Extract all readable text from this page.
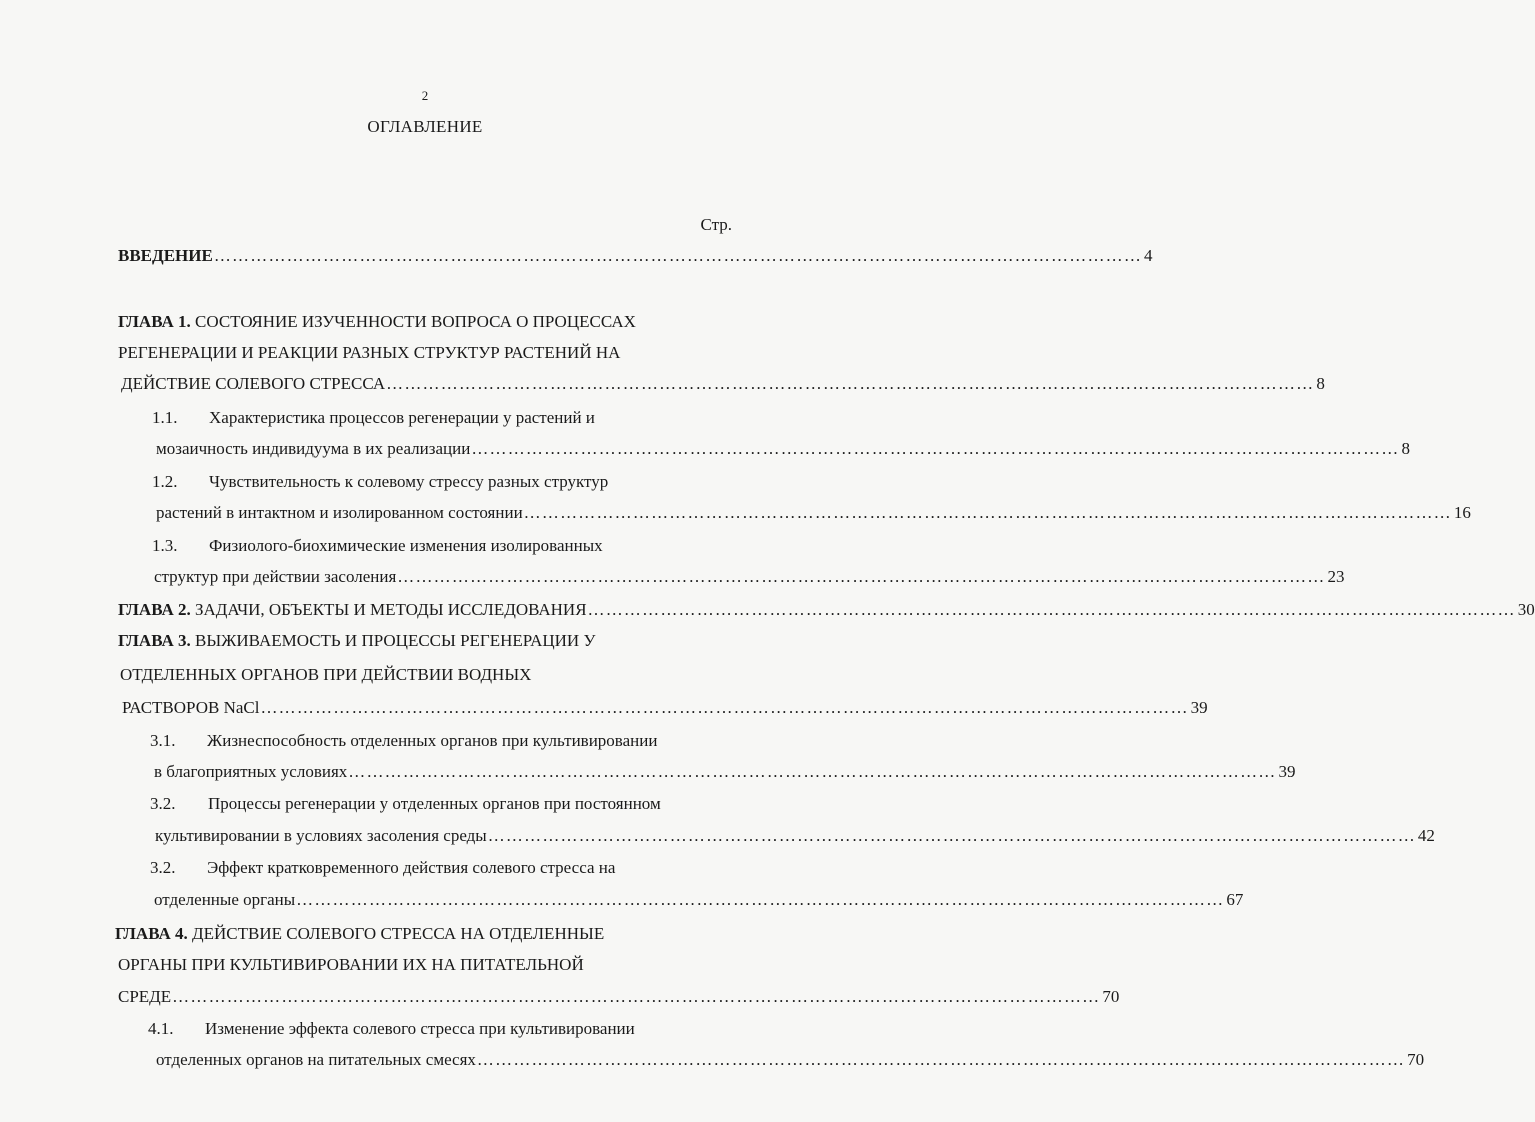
2
ОГЛАВЛЕНИЕ
Стр.
ВВЕДЕНИЕ ……………………………………………………………………………………………………………………………………… 4
ГЛАВА 1. СОСТОЯНИЕ ИЗУЧЕННОСТИ ВОПРОСА О ПРОЦЕССАХ
РЕГЕНЕРАЦИИ И РЕАКЦИИ РАЗНЫХ СТРУКТУР РАСТЕНИЙ НА
ДЕЙСТВИЕ СОЛЕВОГО СТРЕССА ……………………………………………………………………………………………………………………………………… 8
1.1. Характеристика процессов регенерации у растений и
мозаичность индивидуума в их реализации ……………………………………………………………………………………………………………………………………… 8
1.2. Чувствительность к солевому стрессу разных структур
растений в интактном и изолированном состоянии ……………………………………………………………………………………………………………………………………… 16
1.3. Физиолого-биохимические изменения изолированных
структур при действии засоления ……………………………………………………………………………………………………………………………………… 23
ГЛАВА 2. ЗАДАЧИ, ОБЪЕКТЫ И МЕТОДЫ ИССЛЕДОВАНИЯ ……………………………………………………………………………………………………………………………………… 30
ГЛАВА 3. ВЫЖИВАЕМОСТЬ И ПРОЦЕССЫ РЕГЕНЕРАЦИИ У
ОТДЕЛЕННЫХ ОРГАНОВ ПРИ ДЕЙСТВИИ ВОДНЫХ
РАСТВОРОВ NaCl ……………………………………………………………………………………………………………………………………… 39
3.1. Жизнеспособность отделенных органов при культивировании
в благоприятных условиях ……………………………………………………………………………………………………………………………………… 39
3.2. Процессы регенерации у отделенных органов при постоянном
культивировании в условиях засоления среды ……………………………………………………………………………………………………………………………………… 42
3.2. Эффект кратковременного действия солевого стресса на
отделенные органы ……………………………………………………………………………………………………………………………………… 67
ГЛАВА 4. ДЕЙСТВИЕ СОЛЕВОГО СТРЕССА НА ОТДЕЛЕННЫЕ
ОРГАНЫ ПРИ КУЛЬТИВИРОВАНИИ ИХ НА ПИТАТЕЛЬНОЙ
СРЕДЕ ……………………………………………………………………………………………………………………………………… 70
4.1. Изменение эффекта солевого стресса при культивировании
отделенных органов на питательных смесях ……………………………………………………………………………………………………………………………………… 70
